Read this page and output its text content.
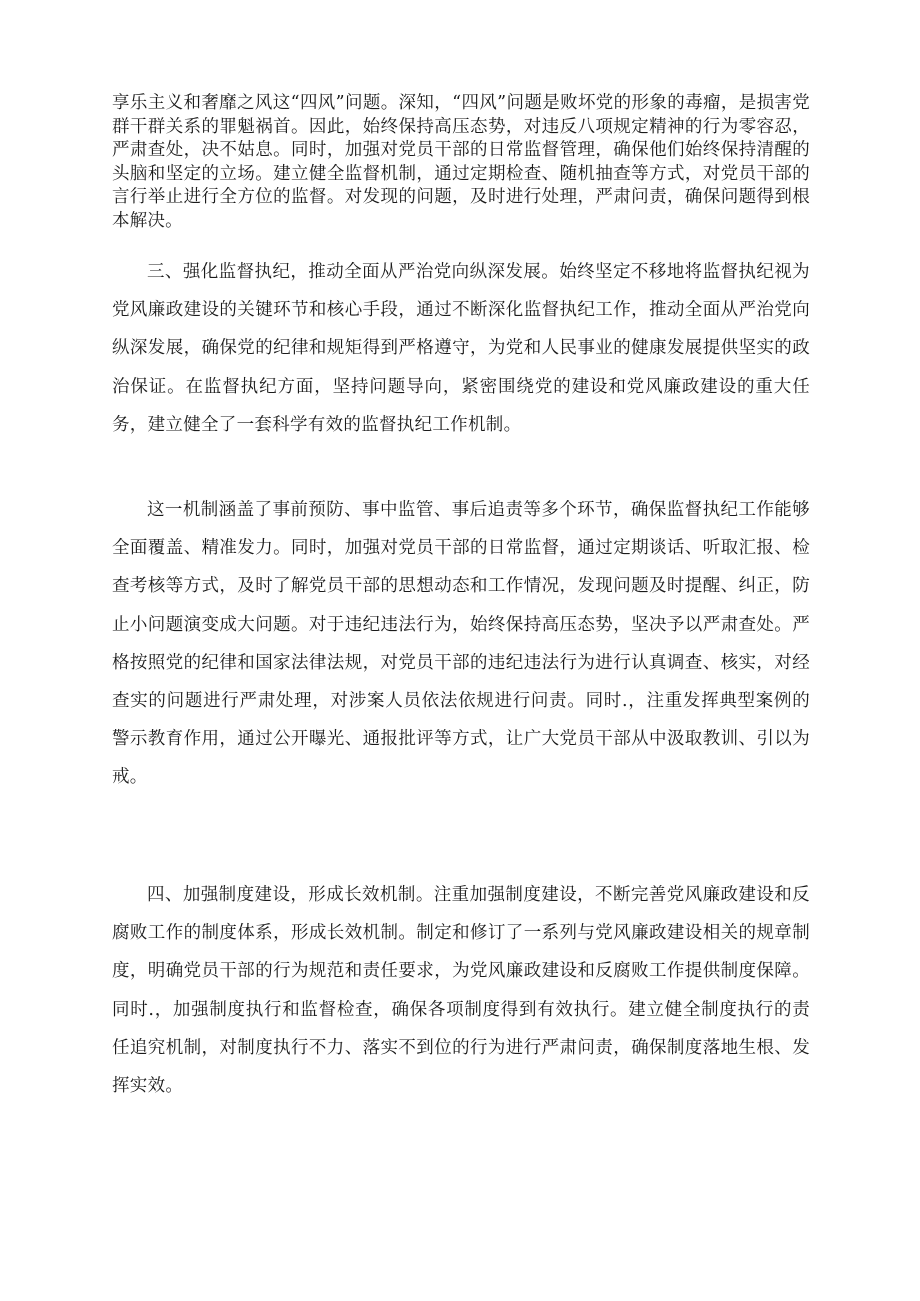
享乐主义和奢靡之风这“四风”问题。深知，“四风”问题是败坏党的形象的毒瘤，是损害党群干群关系的罪魁祸首。因此，始终保持高压态势，对违反八项规定精神的行为零容忍，严肃查处，决不姑息。同时，加强对党员干部的日常监督管理，确保他们始终保持清醒的头脑和坚定的立场。建立健全监督机制，通过定期检查、随机抽查等方式，对党员干部的言行举止进行全方位的监督。对发现的问题，及时进行处理，严肃问责，确保问题得到根本解决。

三、强化监督执纪，推动全面从严治党向纵深发展。始终坚定不移地将监督执纪视为党风廉政建设的关键环节和核心手段，通过不断深化监督执纪工作，推动全面从严治党向纵深发展，确保党的纪律和规矩得到严格遵守，为党和人民事业的健康发展提供坚实的政治保证。在监督执纪方面，坚持问题导向，紧密围绕党的建设和党风廉政建设的重大任务，建立健全了一套科学有效的监督执纪工作机制。

这一机制涵盖了事前预防、事中监管、事后追责等多个环节，确保监督执纪工作能够全面覆盖、精准发力。同时，加强对党员干部的日常监督，通过定期谈话、听取汇报、检查考核等方式，及时了解党员干部的思想动态和工作情况，发现问题及时提醒、纠正，防止小问题演变成大问题。对于违纪违法行为，始终保持高压态势，坚决予以严肃查处。严格按照党的纪律和国家法律法规，对党员干部的违纪违法行为进行认真调查、核实，对经查实的问题进行严肃处理，对涉案人员依法依规进行问责。同时.，注重发挥典型案例的警示教育作用，通过公开曝光、通报批评等方式，让广大党员干部从中汲取教训、引以为戒。

四、加强制度建设，形成长效机制。注重加强制度建设，不断完善党风廉政建设和反腐败工作的制度体系，形成长效机制。制定和修订了一系列与党风廉政建设相关的规章制度，明确党员干部的行为规范和责任要求，为党风廉政建设和反腐败工作提供制度保障。同时.，加强制度执行和监督检查，确保各项制度得到有效执行。建立健全制度执行的责任追究机制，对制度执行不力、落实不到位的行为进行严肃问责，确保制度落地生根、发挥实效。
